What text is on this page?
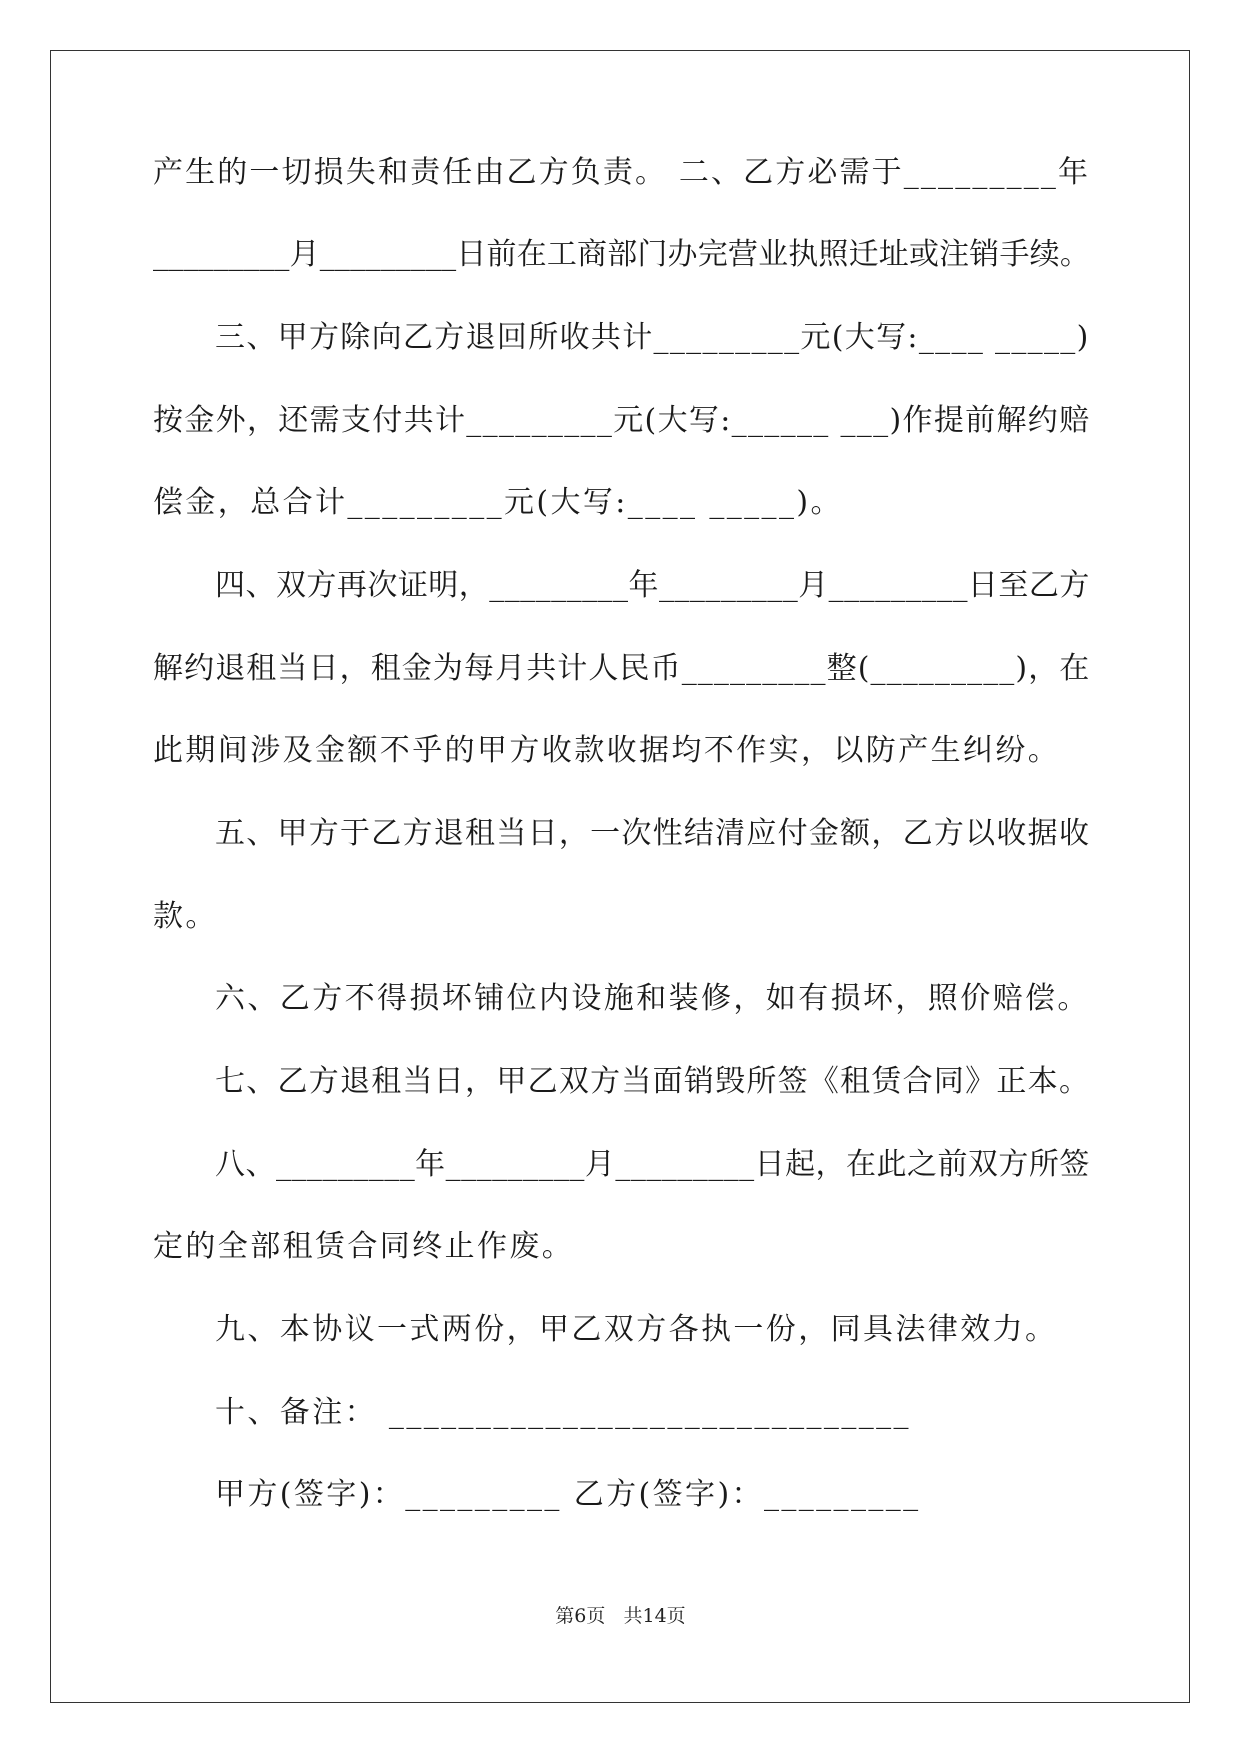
产生的一切损失和责任由乙方负责。 二、乙方必需于_________年
_________月_________日前在工商部门办完营业执照迁址或注销手续。
三、甲方除向乙方退回所收共计_________元(大写:____ _____)
按金外，还需支付共计_________元(大写:______ ___)作提前解约赔
偿金，总合计_________元(大写:____ _____)。
四、双方再次证明，_________年_________月_________日至乙方
解约退租当日，租金为每月共计人民币_________整(_________)，在
此期间涉及金额不乎的甲方收款收据均不作实，以防产生纠纷。
五、甲方于乙方退租当日，一次性结清应付金额，乙方以收据收
款。
六、乙方不得损坏铺位内设施和装修，如有损坏，照价赔偿。
七、乙方退租当日，甲乙双方当面销毁所签《租赁合同》正本。
八、_________年_________月_________日起，在此之前双方所签
定的全部租赁合同终止作废。
九、本协议一式两份，甲乙双方各执一份，同具法律效力。
十、备注： ______________________________
甲方(签字)：_________ 乙方(签字)：_________
第6页   共14页
